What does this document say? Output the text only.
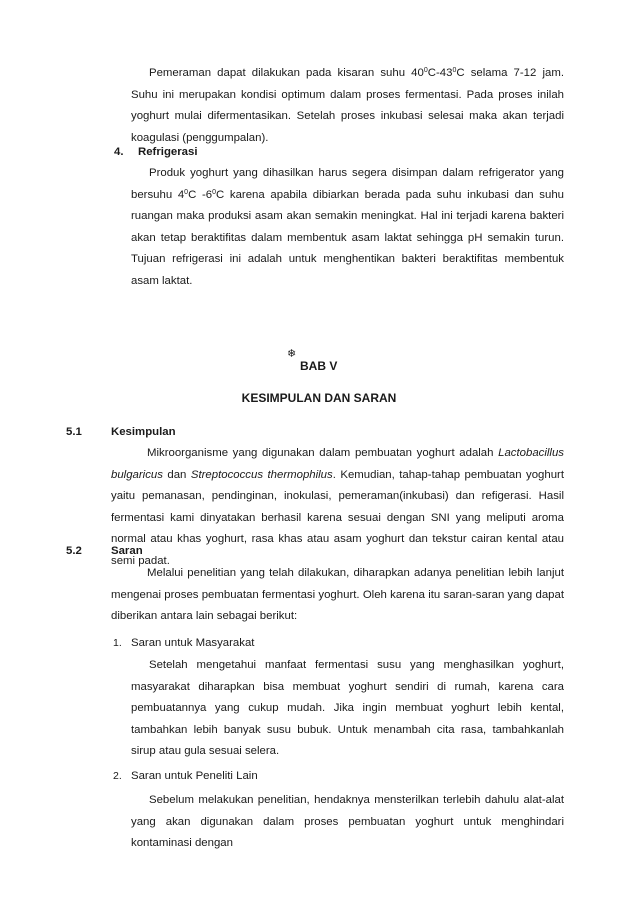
Pemeraman dapat dilakukan pada kisaran suhu $40^0C-43^0C$ selama 7-12 jam. Suhu ini merupakan kondisi optimum dalam proses fermentasi. Pada proses inilah yoghurt mulai difermentasikan. Setelah proses inkubasi selesai maka akan terjadi koagulasi (penggumpalan).

4. Refrigerasi

Produk yoghurt yang dihasilkan harus segera disimpan dalam refrigerator yang bersuhu $4^0C$ $-6^0C$ karena apabila dibiarkan berada pada suhu inkubasi dan suhu ruangan maka produksi asam akan semakin meningkat. Hal ini terjadi karena bakteri akan tetap beraktifitas dalam membentuk asam laktat sehingga pH semakin turun. Tujuan refrigerasi ini adalah untuk menghentikan bakteri beraktifitas membentuk asam laktat.

❄

BAB V

KESIMPULAN DAN SARAN

5.1	Kesimpulan

Mikroorganisme yang digunakan dalam pembuatan yoghurt adalah Lactobacillus bulgaricus dan Streptococcus thermophilus. Kemudian, tahap-tahap pembuatan yoghurt yaitu pemanasan, pendinginan, inokulasi, pemeraman(inkubasi) dan refigerasi. Hasil fermentasi kami dinyatakan berhasil karena sesuai dengan SNI yang meliputi aroma normal atau khas yoghurt, rasa khas atau asam yoghurt dan tekstur cairan kental atau semi padat.

5.2	Saran

Melalui penelitian yang telah dilakukan, diharapkan adanya penelitian lebih lanjut mengenai proses pembuatan fermentasi yoghurt. Oleh karena itu saran-saran yang dapat diberikan antara lain sebagai berikut:

1. Saran untuk Masyarakat

Setelah mengetahui manfaat fermentasi susu yang menghasilkan yoghurt, masyarakat diharapkan bisa membuat yoghurt sendiri di rumah, karena cara pembuatannya yang cukup mudah. Jika ingin membuat yoghurt lebih kental, tambahkan lebih banyak susu bubuk. Untuk menambah cita rasa, tambahkanlah sirup atau gula sesuai selera.

2. Saran untuk Peneliti Lain

Sebelum melakukan penelitian, hendaknya mensterilkan terlebih dahulu alat-alat yang akan digunakan dalam proses pembuatan yoghurt untuk menghindari kontaminasi dengan
